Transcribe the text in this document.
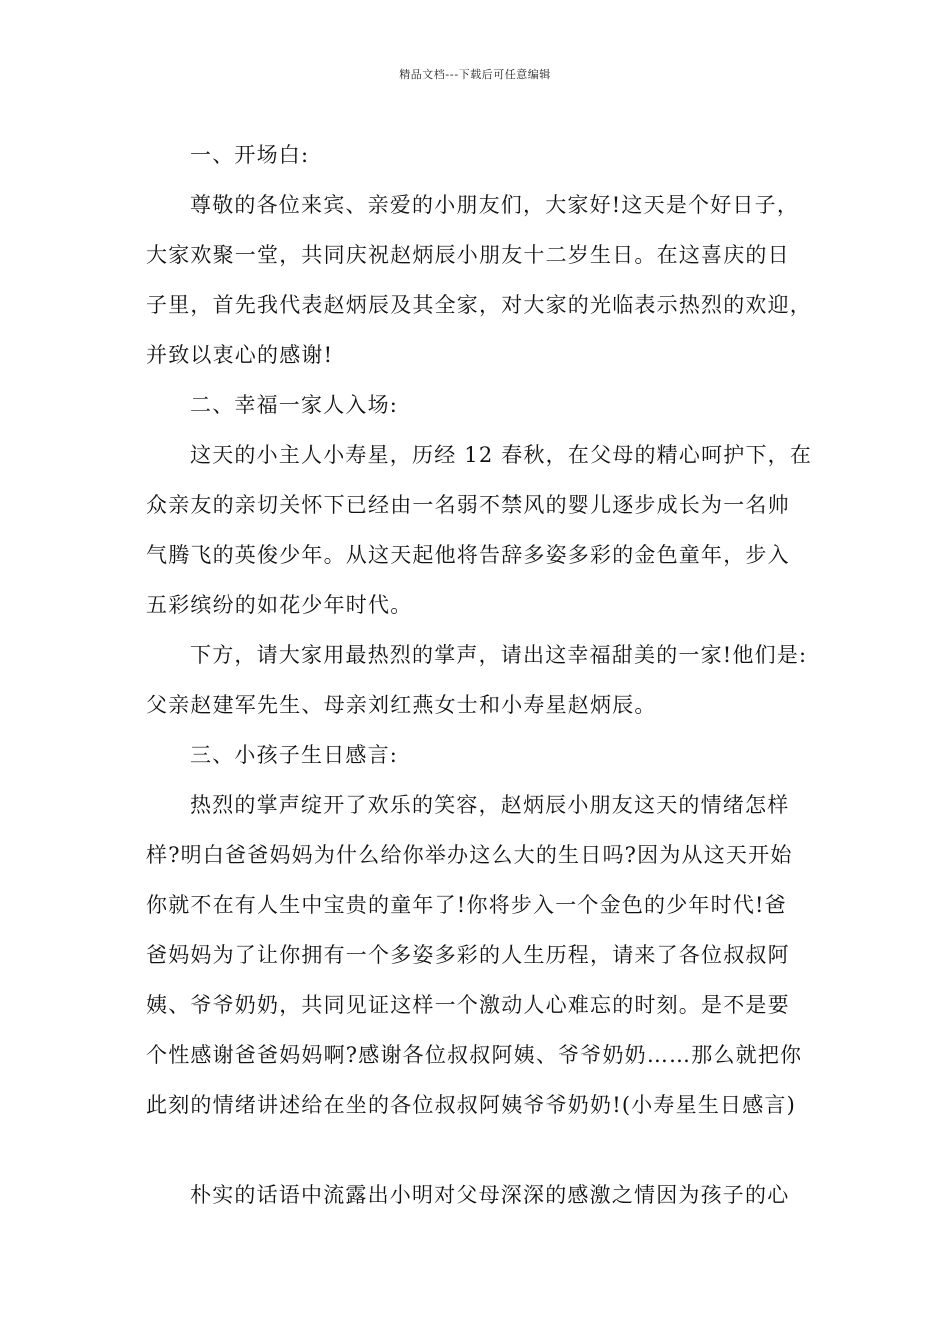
精品文档---下载后可任意编辑
一、开场白:
尊敬的各位来宾、亲爱的小朋友们，大家好!这天是个好日子，
大家欢聚一堂，共同庆祝赵炳辰小朋友十二岁生日。在这喜庆的日
子里，首先我代表赵炳辰及其全家，对大家的光临表示热烈的欢迎，
并致以衷心的感谢!
二、幸福一家人入场:
这天的小主人小寿星，历经 12 春秋，在父母的精心呵护下，在
众亲友的亲切关怀下已经由一名弱不禁风的婴儿逐步成长为一名帅
气腾飞的英俊少年。从这天起他将告辞多姿多彩的金色童年，步入
五彩缤纷的如花少年时代。
下方，请大家用最热烈的掌声，请出这幸福甜美的一家!他们是:
父亲赵建军先生、母亲刘红燕女士和小寿星赵炳辰。
三、小孩子生日感言:
热烈的掌声绽开了欢乐的笑容，赵炳辰小朋友这天的情绪怎样
样?明白爸爸妈妈为什么给你举办这么大的生日吗?因为从这天开始
你就不在有人生中宝贵的童年了!你将步入一个金色的少年时代!爸
爸妈妈为了让你拥有一个多姿多彩的人生历程，请来了各位叔叔阿
姨、爷爷奶奶，共同见证这样一个激动人心难忘的时刻。是不是要
个性感谢爸爸妈妈啊?感谢各位叔叔阿姨、爷爷奶奶……那么就把你
此刻的情绪讲述给在坐的各位叔叔阿姨爷爷奶奶!(小寿星生日感言)
朴实的话语中流露出小明对父母深深的感激之情因为孩子的心
